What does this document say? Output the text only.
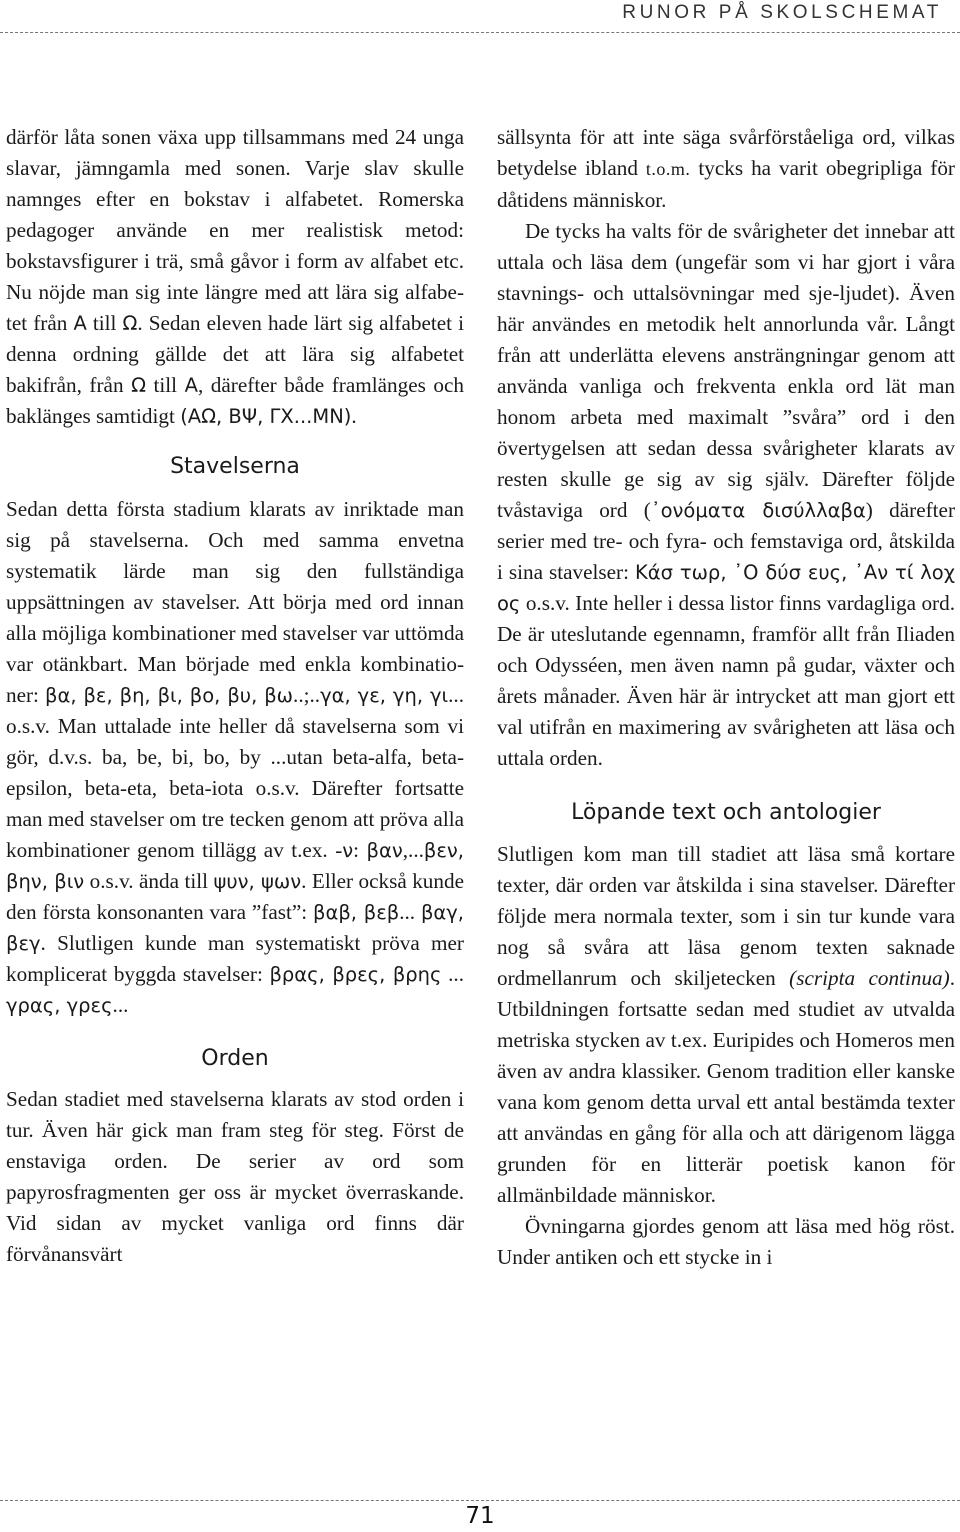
RUNOR PÅ SKOLSCHEMAT

därför låta sonen växa upp tillsammans med 24 unga slavar, jämngamla med sonen. Varje slav skulle namnges efter en bokstav i alfabetet. Romerska pedagoger använde en mer realistisk metod: bokstavsfigurer i trä, små gåvor i form av alfabet etc. Nu nöjde man sig inte längre med att lära sig alfabetet från Α till Ω. Sedan eleven hade lärt sig alfabetet i denna ordning gällde det att lära sig alfabetet bakifrån, från Ω till Α, därefter både framlänges och baklänges samtidigt (ΑΩ, ΒΨ, ΓΧ...ΜΝ).

Stavelserna

Sedan detta första stadium klarats av inriktade man sig på stavelserna. Och med samma envetna systematik lärde man sig den fullständiga uppsättningen av stavelser. Att börja med ord innan alla möjliga kombinationer med stavelser var uttömda var otänkbart. Man började med enkla kombinationer: βα, βε, βη, βι, βο, βυ, βω..;..γα, γε, γη, γι... o.s.v. Man uttalade inte heller då stavelserna som vi gör, d.v.s. ba, be, bi, bo, by ...utan beta-alfa, beta-epsilon, beta-eta, beta-iota o.s.v. Därefter fortsatte man med stavelser om tre tecken genom att pröva alla kombinationer genom tillägg av t.ex. -ν: βαν,...βεν, βην, βιν o.s.v. ända till ψυν, ψων. Eller också kunde den första konsonanten vara ”fast”: βαβ, βεβ... βαγ, βεγ. Slutligen kunde man systematiskt pröva mer komplicerat byggda stavelser: βρας, βρες, βρης ... γρας, γρες...

Orden

Sedan stadiet med stavelserna klarats av stod orden i tur. Även här gick man fram steg för steg. Först de enstaviga orden. De serier av ord som papyrosfragmenten ger oss är mycket överraskande. Vid sidan av mycket vanliga ord finns där förvånansvärt

sällsynta för att inte säga svårförståeliga ord, vilkas betydelse ibland t.o.m. tycks ha varit obegripliga för dåtidens människor.

De tycks ha valts för de svårigheter det innebar att uttala och läsa dem (ungefär som vi har gjort i våra stavnings- och uttalsövningar med sje-ljudet). Även här användes en metodik helt annorlunda vår. Långt från att underlätta elevens ansträngningar genom att använda vanliga och frekventa enkla ord lät man honom arbeta med maximalt ”svåra” ord i den övertygelsen att sedan dessa svårigheter klarats av resten skulle ge sig av sig själv. Därefter följde tvåstaviga ord (᾽ονόματα δισύλλαβα) därefter serier med tre- och fyra- och femstaviga ord, åtskilda i sina stavelser: Κάσ τωρ, ᾽Ο δύσ ευς, ᾽Αν τί λοχ ος o.s.v. Inte heller i dessa listor finns vardagliga ord. De är uteslutande egennamn, framför allt från Iliaden och Odysséen, men även namn på gudar, växter och årets månader. Även här är intrycket att man gjort ett val utifrån en maximering av svårigheten att läsa och uttala orden.

Löpande text och antologier

Slutligen kom man till stadiet att läsa små kortare texter, där orden var åtskilda i sina stavelser. Därefter följde mera normala texter, som i sin tur kunde vara nog så svåra att läsa genom texten saknade ordmellanrum och skiljetecken (scripta continua). Utbildningen fortsatte sedan med studiet av utvalda metriska stycken av t.ex. Euripides och Homeros men även av andra klassiker. Genom tradition eller kanske vana kom genom detta urval ett antal bestämda texter att användas en gång för alla och att därigenom lägga grunden för en litterär poetisk kanon för allmänbildade människor.

Övningarna gjordes genom att läsa med hög röst. Under antiken och ett stycke in i

71
